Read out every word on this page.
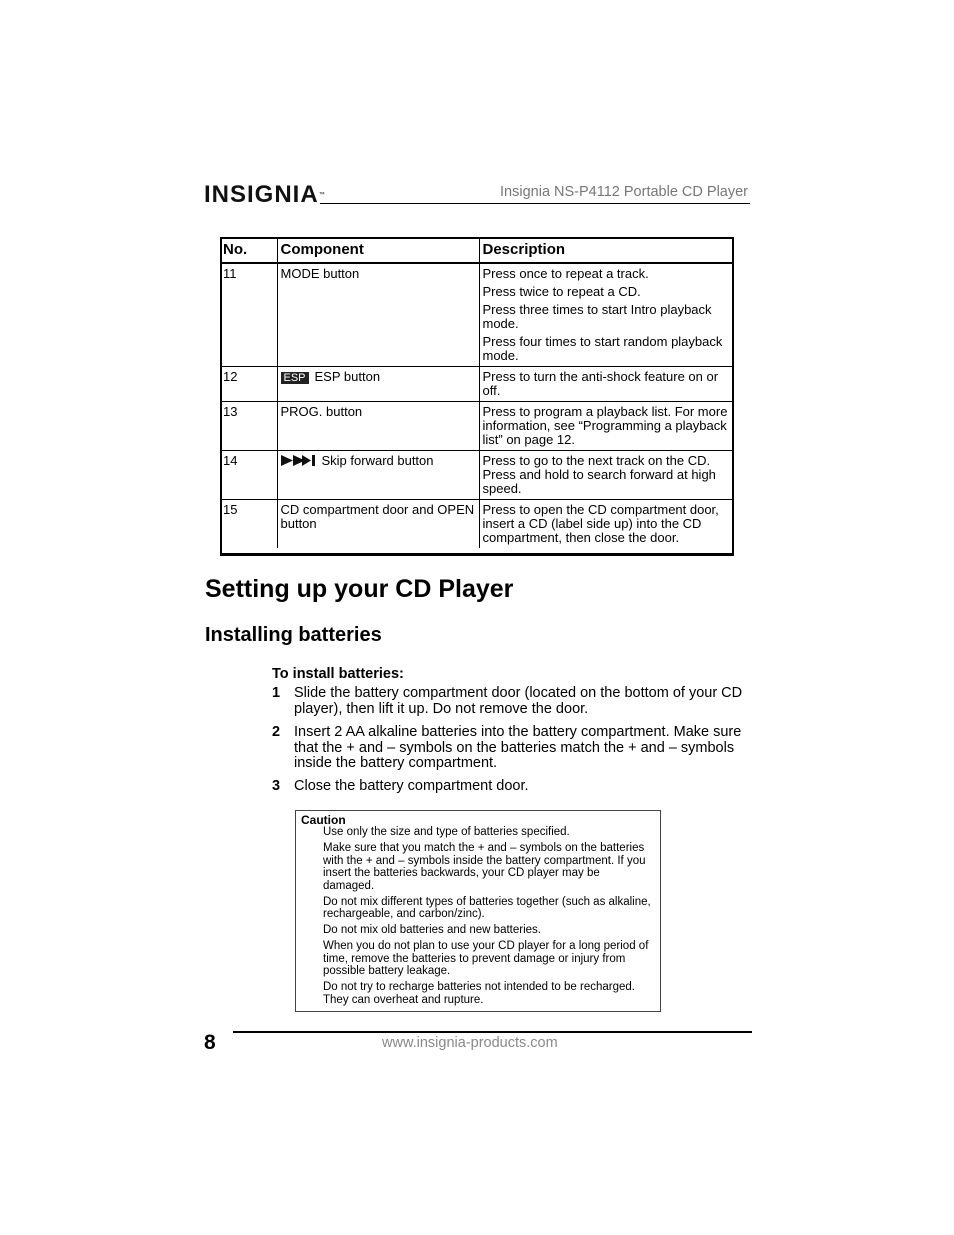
INSIGNIA™	Insignia NS-P4112 Portable CD Player
No.	Component	Description
11	MODE button	Press once to repeat a track.

Press twice to repeat a CD.

Press three times to start Intro playback mode.

Press four times to start random playback mode.

12	ESP ESP button	Press to turn the anti-shock feature on or off.

13	PROG. button	Press to program a playback list. For more information, see “Programming a playback list” on page 12.

14	Skip forward button	Press to go to the next track on the CD. Press and hold to search forward at high speed.

15	CD compartment door and OPEN button	Press to open the CD compartment door, insert a CD (label side up) into the CD compartment, then close the door.

Setting up your CD Player
Installing batteries
To install batteries:
1 Slide the battery compartment door (located on the bottom of your CD player), then lift it up. Do not remove the door.
2 Insert 2 AA alkaline batteries into the battery compartment. Make sure that the + and – symbols on the batteries match the + and – symbols inside the battery compartment.
3 Close the battery compartment door.
Caution

Use only the size and type of batteries specified.

Make sure that you match the + and – symbols on the batteries with the + and – symbols inside the battery compartment. If you insert the batteries backwards, your CD player may be damaged.

Do not mix different types of batteries together (such as alkaline, rechargeable, and carbon/zinc).

Do not mix old batteries and new batteries.

When you do not plan to use your CD player for a long period of time, remove the batteries to prevent damage or injury from possible battery leakage.

Do not try to recharge batteries not intended to be recharged. They can overheat and rupture.

8	www.insignia-products.com
